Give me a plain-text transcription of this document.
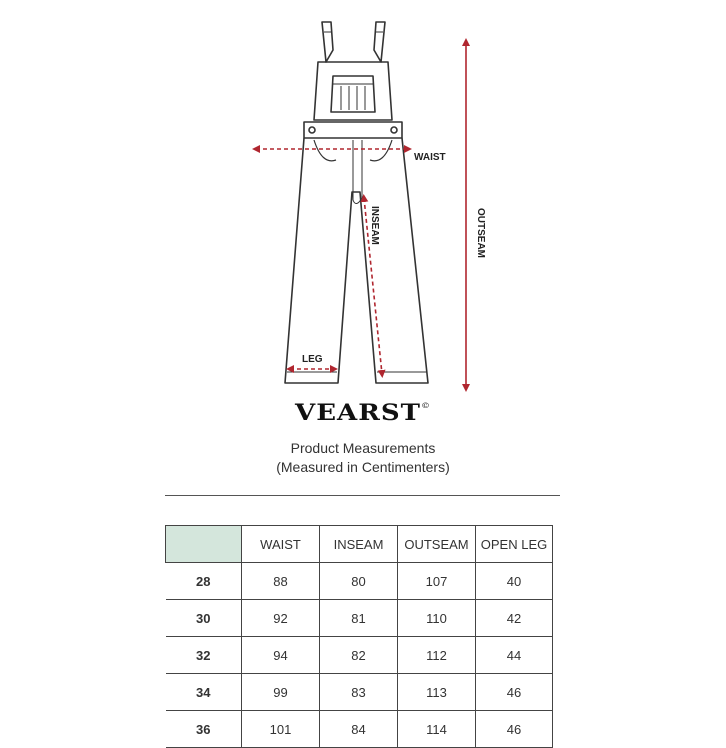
WAIST
INSEAM	OUTSEAM
LEG
VEARST©
Product Measurements
(Measured in Centimenters)
	WAIST	INSEAM	OUTSEAM	OPEN LEG
28	88	80	107	40
30	92	81	110	42
32	94	82	112	44
34	99	83	113	46
36	101	84	114	46
